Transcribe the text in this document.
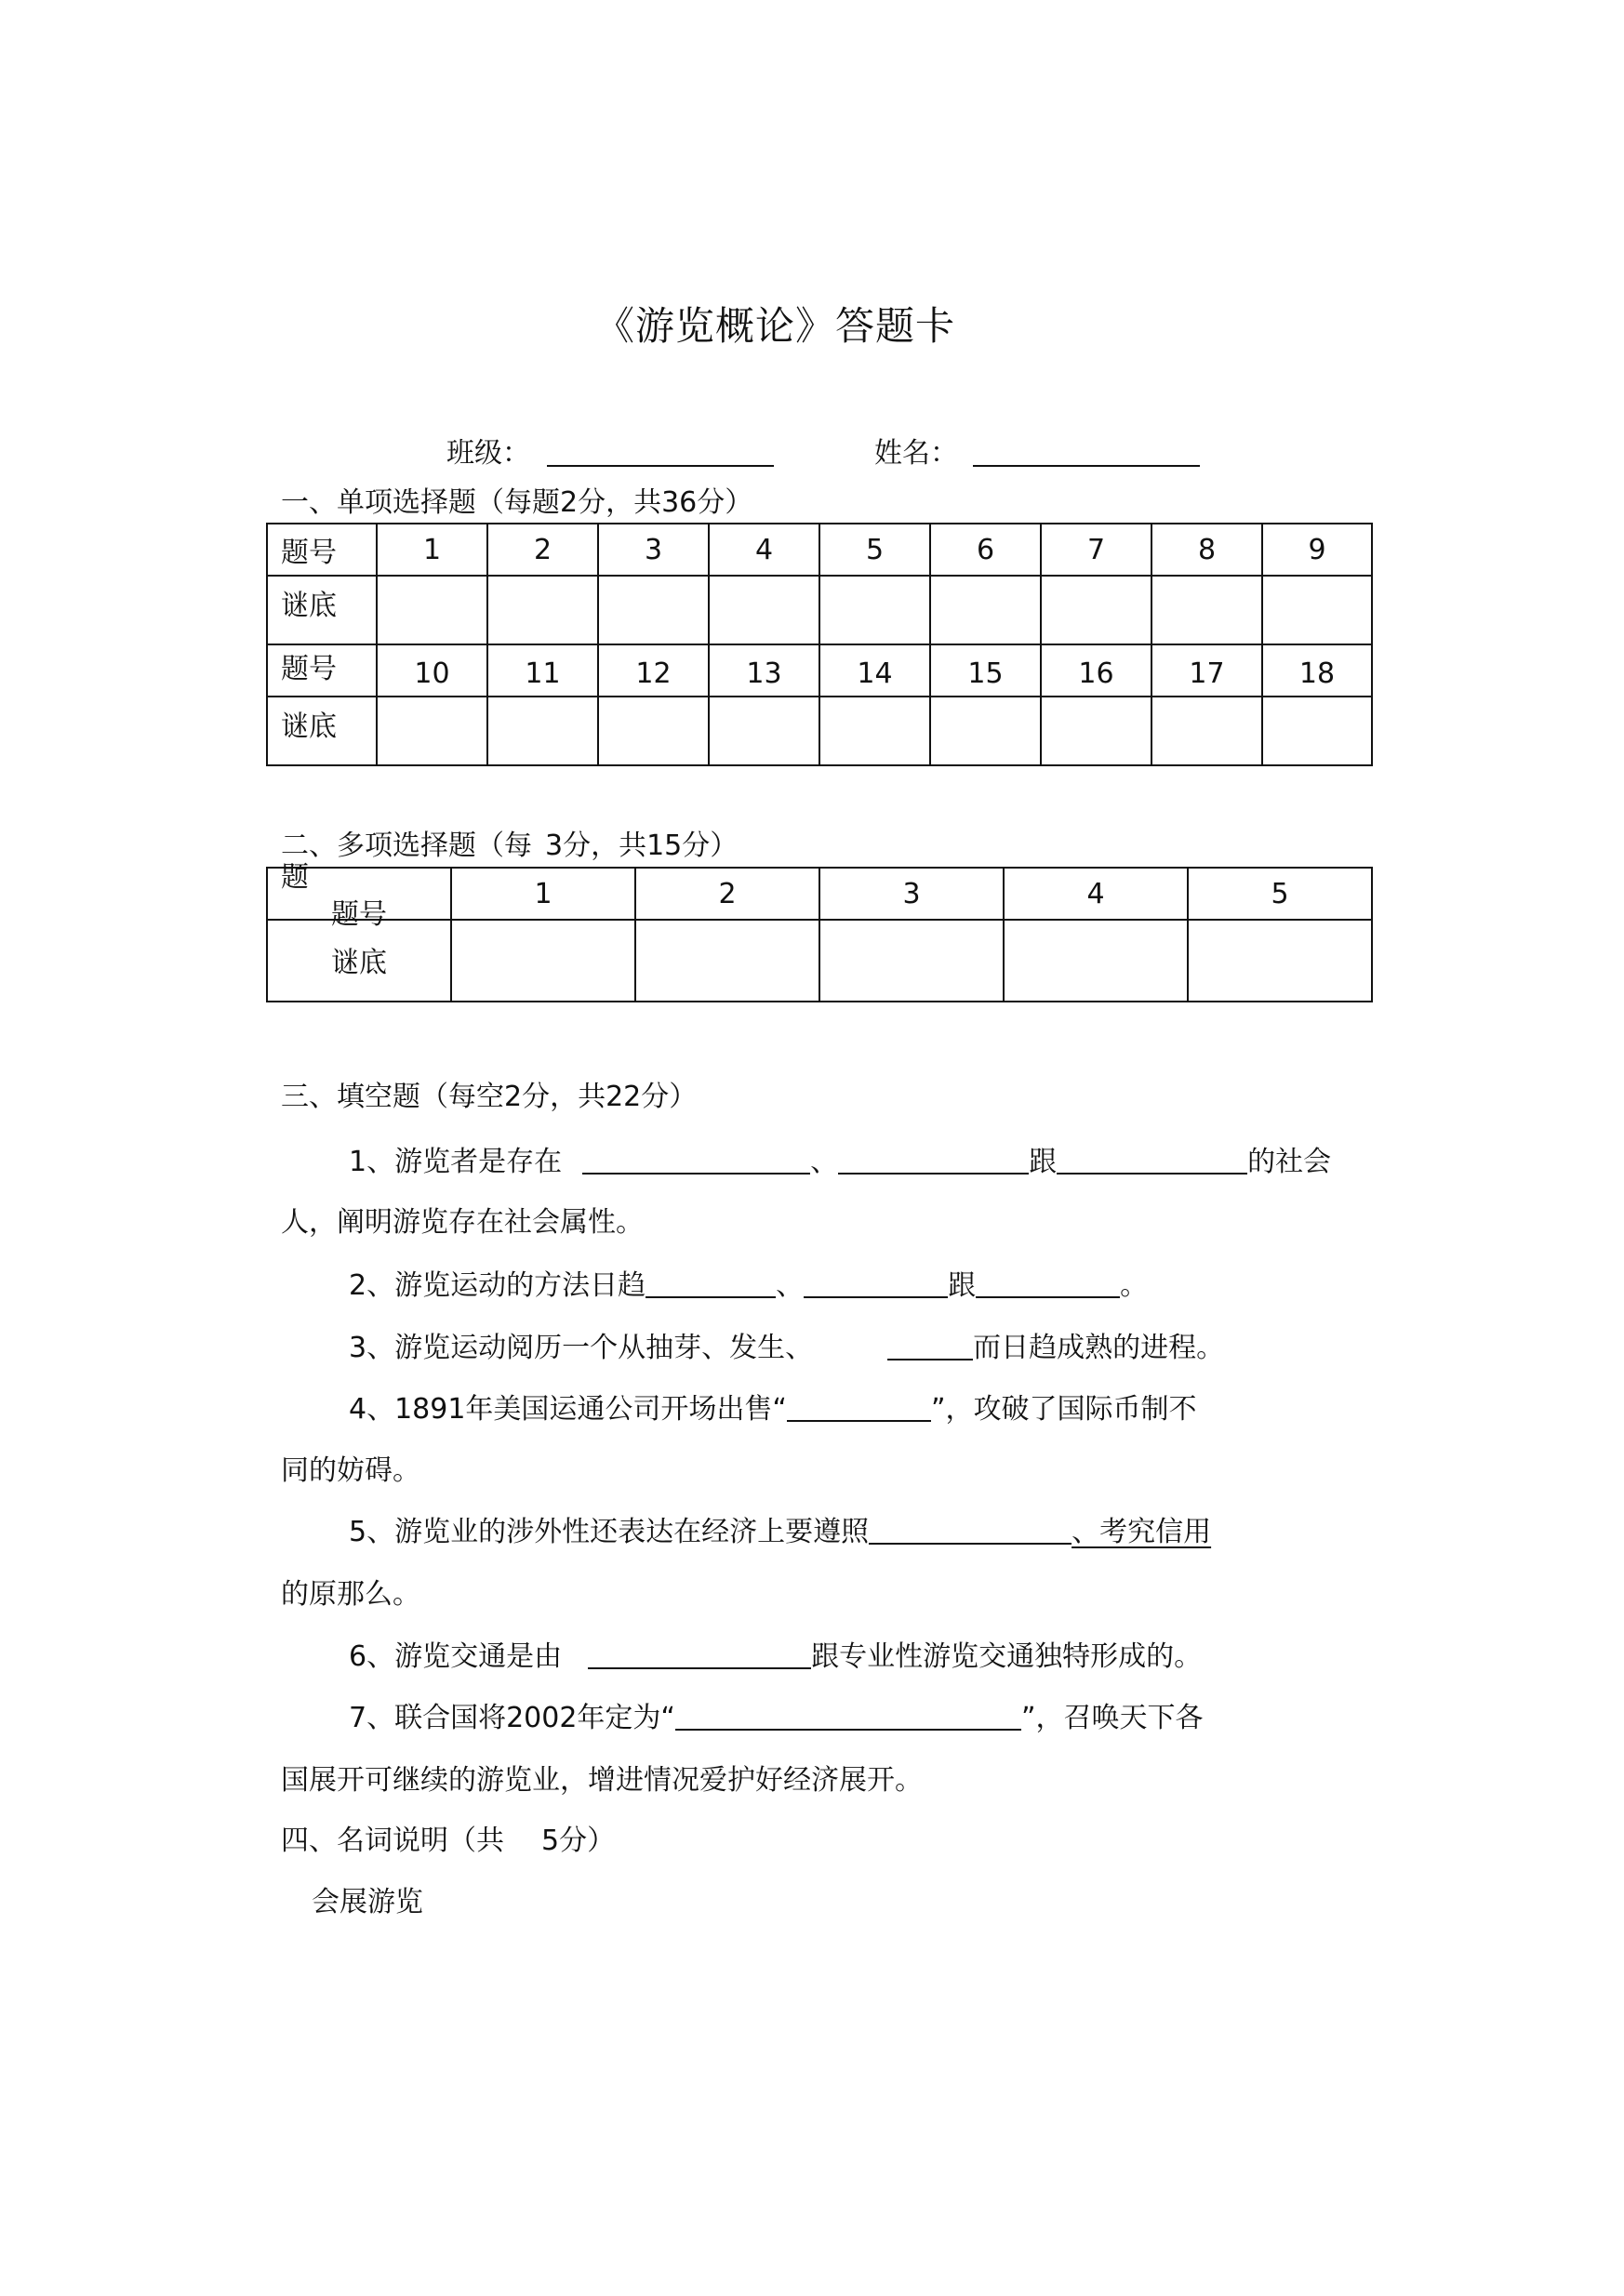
《游览概论》答题卡
班级：	姓名：
一、单项选择题（每题2分，共36分）
题号	1	2	3	4	5	6	7	8	9
谜底									
题号	10	11	12	13	14	15	16	17	18
谜底									
二、多项选择题（每 3分，共15分）
题
题号	1	2	3	4	5
谜底					
三、填空题（每空2分，共22分）
1、游览者是存在	、	跟	的社会
人，阐明游览存在社会属性。
2、游览运动的方法日趋	、	跟	。
3、游览运动阅历一个从抽芽、发生、	而日趋成熟的进程。
4、1891年美国运通公司开场出售“	”，攻破了国际币制不
同的妨碍。
5、游览业的涉外性还表达在经济上要遵照	、考究信用
的原那么。
6、游览交通是由	跟专业性游览交通独特形成的。
7、联合国将2002年定为“	”，召唤天下各
国展开可继续的游览业，增进情况爱护好经济展开。
四、名词说明（共 5分）
会展游览
